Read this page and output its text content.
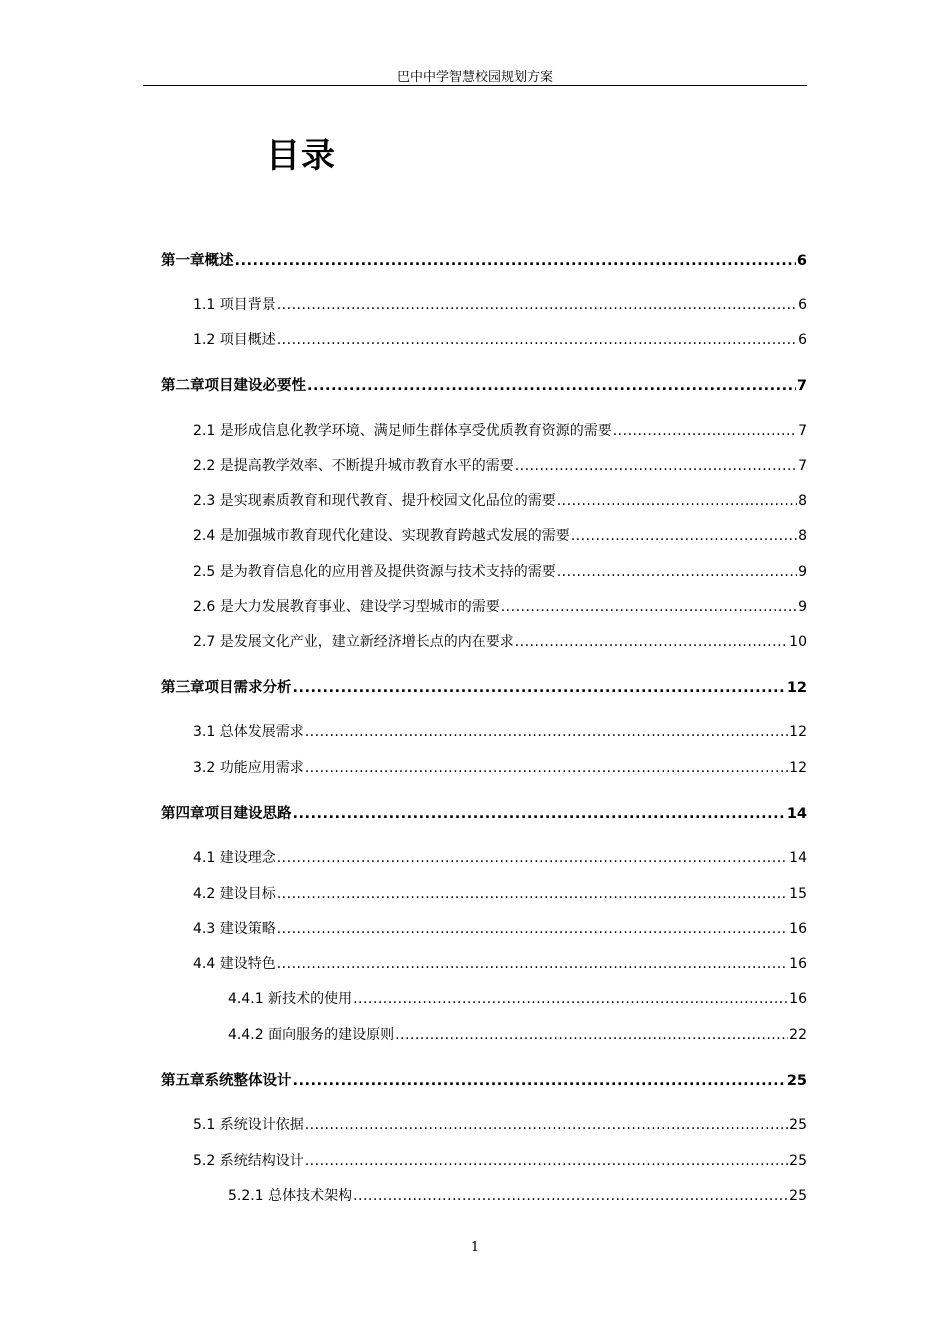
巴中中学智慧校园规划方案
目录
第一章概述 .....	6
1.1 项目背景 .....	6
1.2 项目概述 .....	6
第二章项目建设必要性 .....	7
2.1 是形成信息化教学环境、满足师生群体享受优质教育资源的需要 .....	7
2.2 是提高教学效率、不断提升城市教育水平的需要 .....	7
2.3 是实现素质教育和现代教育、提升校园文化品位的需要 .....	8
2.4 是加强城市教育现代化建设、实现教育跨越式发展的需要 .....	8
2.5 是为教育信息化的应用普及提供资源与技术支持的需要 .....	9
2.6 是大力发展教育事业、建设学习型城市的需要 .....	9
2.7 是发展文化产业，建立新经济增长点的内在要求 .....	10
第三章项目需求分析 .....	12
3.1 总体发展需求 .....	12
3.2 功能应用需求 .....	12
第四章项目建设思路 .....	14
4.1 建设理念 .....	14
4.2 建设目标 .....	15
4.3 建设策略 .....	16
4.4 建设特色 .....	16
4.4.1 新技术的使用 .....	16
4.4.2 面向服务的建设原则 .....	22
第五章系统整体设计 .....	25
5.1 系统设计依据 .....	25
5.2 系统结构设计 .....	25
5.2.1 总体技术架构 .....	25
1
